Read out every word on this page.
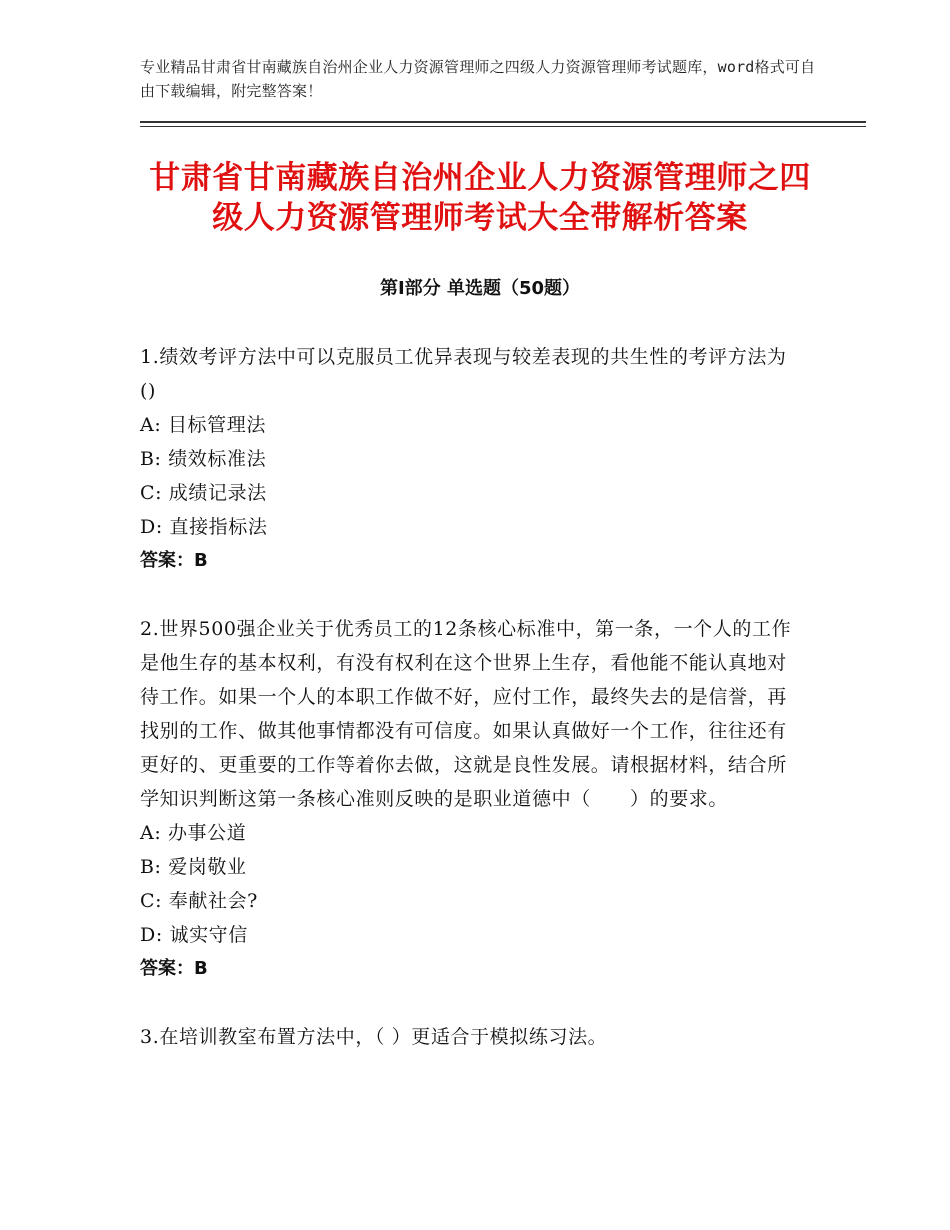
专业精品甘肃省甘南藏族自治州企业人力资源管理师之四级人力资源管理师考试题库，word格式可自由下载编辑，附完整答案！
甘肃省甘南藏族自治州企业人力资源管理师之四级人力资源管理师考试大全带解析答案
第Ⅰ部分 单选题（50题）

1.绩效考评方法中可以克服员工优异表现与较差表现的共生性的考评方法为()

A: 目标管理法

B: 绩效标准法

C: 成绩记录法

D: 直接指标法

答案：B

2.世界500强企业关于优秀员工的12条核心标准中，第一条，一个人的工作是他生存的基本权利，有没有权利在这个世界上生存，看他能不能认真地对待工作。如果一个人的本职工作做不好，应付工作，最终失去的是信誉，再找别的工作、做其他事情都没有可信度。如果认真做好一个工作，往往还有更好的、更重要的工作等着你去做，这就是良性发展。请根据材料，结合所学知识判断这第一条核心准则反映的是职业道德中（　　）的要求。

A: 办事公道

B: 爱岗敬业

C: 奉献社会?

D: 诚实守信

答案：B

3.在培训教室布置方法中，（ ）更适合于模拟练习法。
